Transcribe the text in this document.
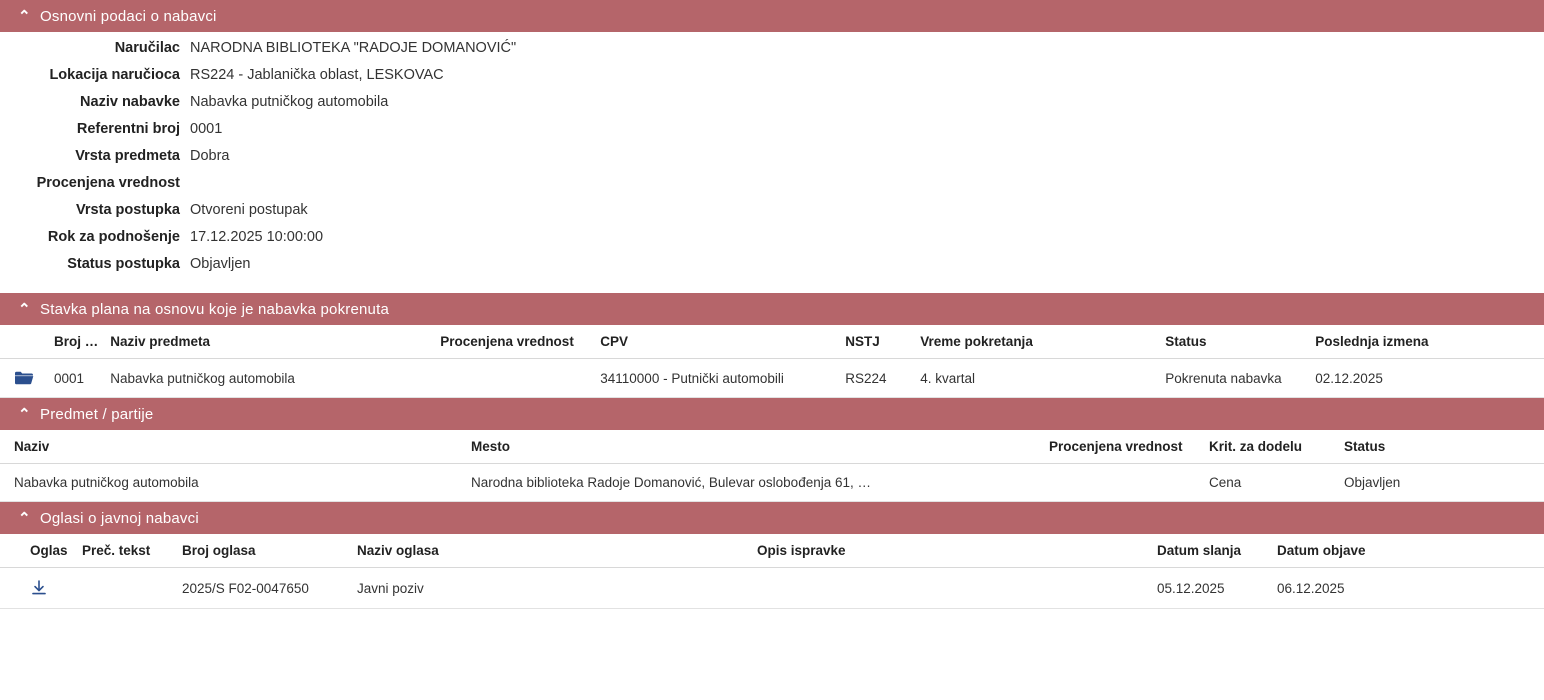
⌃ Osnovni podaci o nabavci
Naručilac NARODNA BIBLIOTEKA "RADOJE DOMANOVIĆ"
Lokacija naručioca RS224 - Jablanička oblast, LESKOVAC
Naziv nabavke Nabavka putničkog automobila
Referentni broj 0001
Vrsta predmeta Dobra
Procenjena vrednost
Vrsta postupka Otvoreni postupak
Rok za podnošenje 17.12.2025 10:00:00
Status postupka Objavljen
⌃ Stavka plana na osnovu koje je nabavka pokrenuta
	Broj …	Naziv predmeta	Procenjena vrednost	CPV	NSTJ	Vreme pokretanja	Status	Poslednja izmena

	0001	Nabavka putničkog automobila		34110000 - Putnički automobili	RS224	4. kvartal	Pokrenuta nabavka	02.12.2025
⌃ Predmet / partije
Naziv	Mesto	Procenjena vrednost	Krit. za dodelu	Status
Nabavka putničkog automobila	Narodna biblioteka Radoje Domanović, Bulevar oslobođenja 61, …		Cena	Objavljen
⌃ Oglasi o javnoj nabavci
Oglas	Preč. tekst	Broj oglasa	Naziv oglasa	Opis ispravke	Datum slanja	Datum objave

		2025/S F02-0047650	Javni poziv		05.12.2025	06.12.2025
